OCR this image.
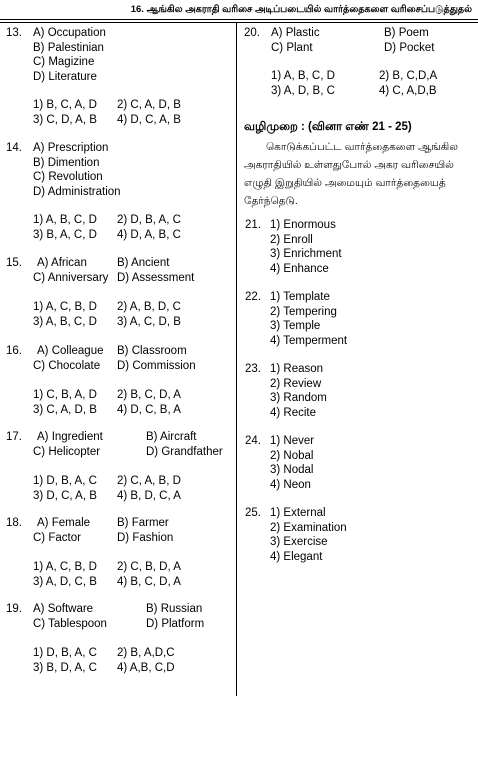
16. ஆங்கில அகராதி வரிசை அடிப்படையில் வார்த்தைகளை வரிசைப்படுத்துதல்
13. A) Occupation
B) Palestinian
C) Magizine
D) Literature
1) B, C, A, D 2) C, A, D, B
3) C, D, A, B 4) D, C, A, B
14. A) Prescription
B) Dimention
C) Revolution
D) Administration
1) A, B, C, D 2) D, B, A, C
3) B, A, C, D 4) D, A, B, C
15. A) African	B) Ancient
C) Anniversary D) Assessment
1) A, C, B, D 2) A, B, D, C
3) A, B, C, D 3) A, C, D, B
16. A) Colleague B) Classroom
C) Chocolate D) Commission
1) C, B, A, D 2) B, C, D, A
3) C, A, D, B 4) D, C, B, A
17. A) Ingredient	B) Aircraft
C) Helicopter	D) Grandfather
1) D, B, A, C 2) C, A, B, D
3) D, C, A, B 4) B, D, C, A
18. A) Female B) Farmer
C) Factor	D) Fashion
1) A, C, B, D 2) C, B, D, A
3) A, D, C, B 4) B, C, D, A
19. A) Software	B) Russian
C) Tablespoon	D) Platform
1) D, B, A, C 2) B, A,D,C
3) B, D, A, C 4) A,B, C,D
வழிமுறை : (வினா எண் 21 - 25)
கொடுக்கப்பட்ட வார்த்தைகளை ஆங்கில அகராதியில் உள்ளதுபோல் அகர வரிசையில் எழுதி இறுதியில் அமையும் வார்த்தையைத் தேர்ந்தெடு.
20. A) Plastic	B) Poem
C) Plant	D) Pocket
1) A, B, C, D	2) B, C,D,A
3) A, D, B, C	4) C, A,D,B
21. 1) Enormous
2) Enroll
3) Enrichment
4) Enhance
22. 1) Template
2) Tempering
3) Temple
4) Temperment
23. 1) Reason
2) Review
3) Random
4) Recite
24. 1) Never
2) Nobal
3) Nodal
4) Neon
25. 1) External
2) Examination
3) Exercise
4) Elegant
